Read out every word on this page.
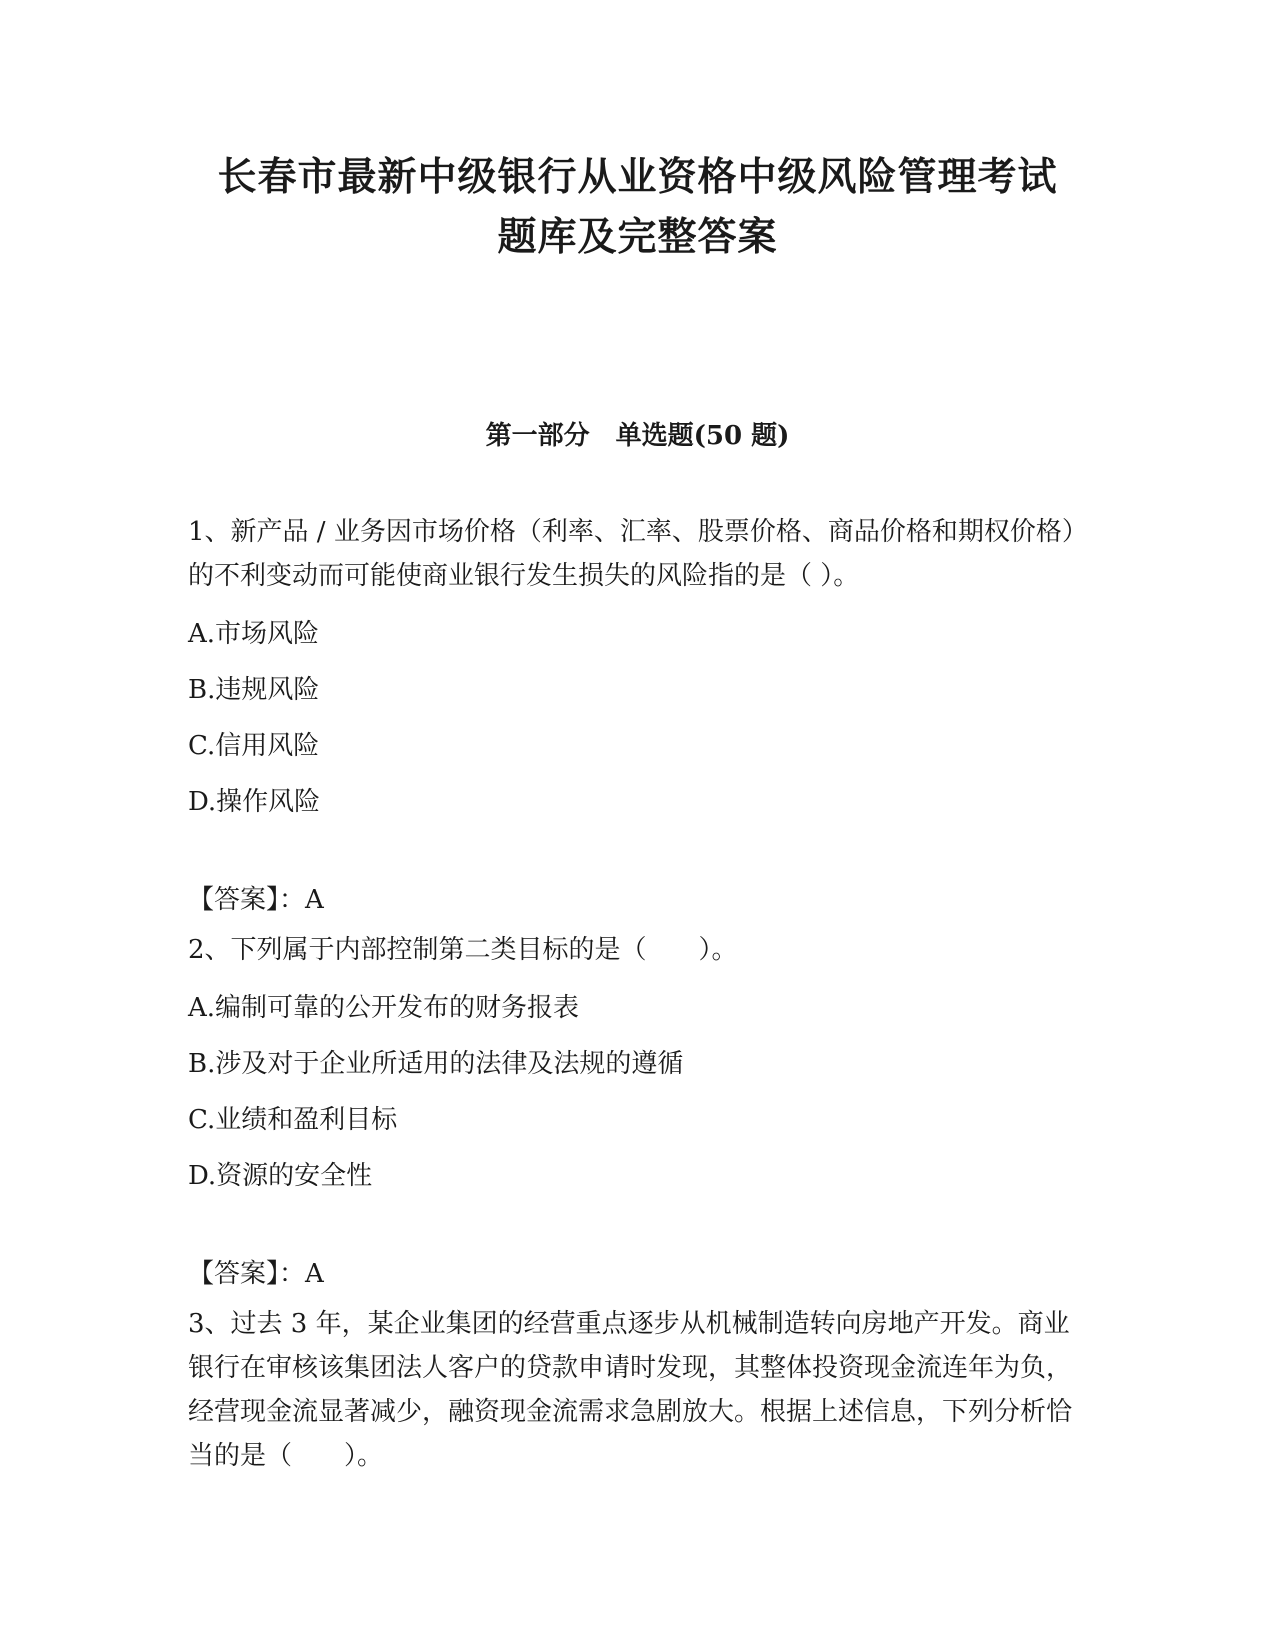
长春市最新中级银行从业资格中级风险管理考试
题库及完整答案
第一部分　单选题(50 题)

1、新产品 / 业务因市场价格（利率、汇率、股票价格、商品价格和期权价格）的不利变动而可能使商业银行发生损失的风险指的是（ ）。

A.市场风险

B.违规风险

C.信用风险

D.操作风险

【答案】：A

2、下列属于内部控制第二类目标的是（　　）。

A.编制可靠的公开发布的财务报表

B.涉及对于企业所适用的法律及法规的遵循

C.业绩和盈利目标

D.资源的安全性

【答案】：A

3、过去 3 年，某企业集团的经营重点逐步从机械制造转向房地产开发。商业银行在审核该集团法人客户的贷款申请时发现，其整体投资现金流连年为负，经营现金流显著减少，融资现金流需求急剧放大。根据上述信息，下列分析恰当的是（　　）。
